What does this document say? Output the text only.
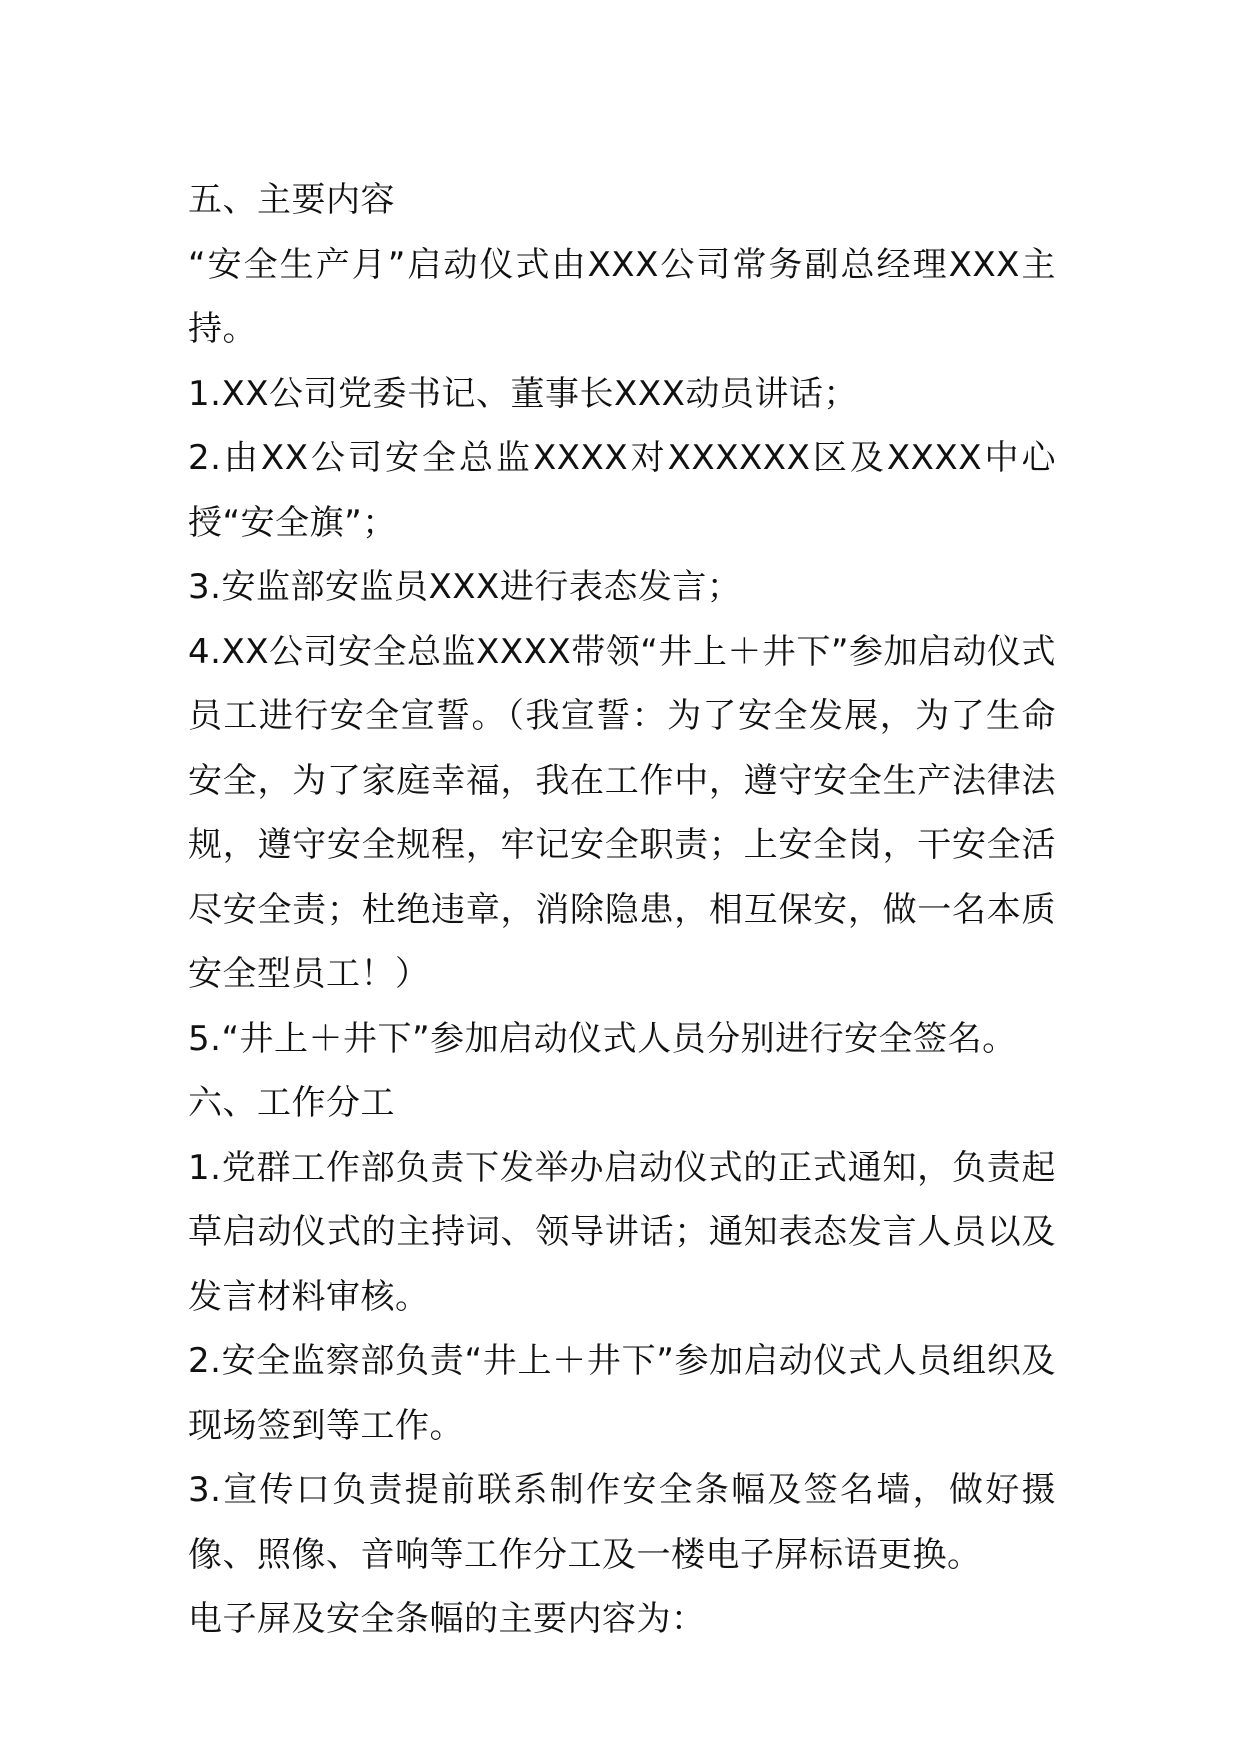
五、主要内容

“安全生产月”启动仪式由XXX公司常务副总经理XXX主持。

1.XX公司党委书记、董事长XXX动员讲话；

2.由XX公司安全总监XXXX对XXXXXX区及XXXX中心授“安全旗”；

3.安监部安监员XXX进行表态发言；

4.XX公司安全总监XXXX带领“井上＋井下”参加启动仪式员工进行安全宣誓。（我宣誓：为了安全发展，为了生命安全，为了家庭幸福，我在工作中，遵守安全生产法律法规，遵守安全规程，牢记安全职责；上安全岗，干安全活尽安全责；杜绝违章，消除隐患，相互保安，做一名本质安全型员工！）

5.“井上＋井下”参加启动仪式人员分别进行安全签名。

六、工作分工

1.党群工作部负责下发举办启动仪式的正式通知，负责起草启动仪式的主持词、领导讲话；通知表态发言人员以及发言材料审核。

2.安全监察部负责“井上＋井下”参加启动仪式人员组织及现场签到等工作。

3.宣传口负责提前联系制作安全条幅及签名墙，做好摄像、照像、音响等工作分工及一楼电子屏标语更换。

电子屏及安全条幅的主要内容为：
